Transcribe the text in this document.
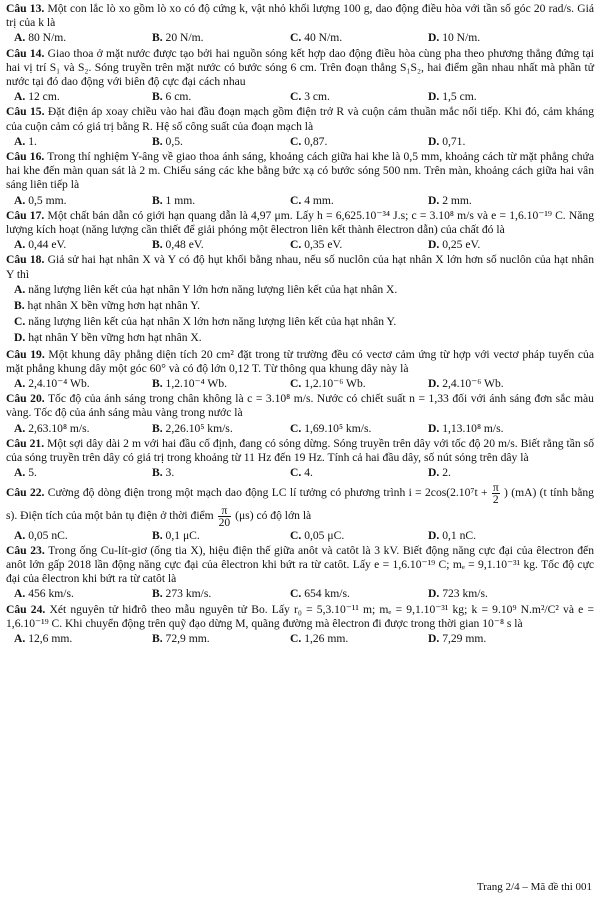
Câu 13. Một con lắc lò xo gồm lò xo có độ cứng k, vật nhỏ khối lượng 100 g, dao động điều hòa với tần số góc 20 rad/s. Giá trị của k là
A. 80 N/m.	B. 20 N/m.	C. 40 N/m.	D. 10 N/m.
Câu 14. Giao thoa ở mặt nước được tạo bởi hai nguồn sóng kết hợp dao động điều hòa cùng pha theo phương thẳng đứng tại hai vị trí S₁ và S₂. Sóng truyền trên mặt nước có bước sóng 6 cm. Trên đoạn thẳng S₁S₂, hai điểm gần nhau nhất mà phần tử nước tại đó dao động với biên độ cực đại cách nhau
A. 12 cm.	B. 6 cm.	C. 3 cm.	D. 1,5 cm.
Câu 15. Đặt điện áp xoay chiều vào hai đầu đoạn mạch gồm điện trở R và cuộn cảm thuần mắc nối tiếp. Khi đó, cảm kháng của cuộn cảm có giá trị bằng R. Hệ số công suất của đoạn mạch là
A. 1.	B. 0,5.	C. 0,87.	D. 0,71.
Câu 16. Trong thí nghiệm Y-âng về giao thoa ánh sáng, khoảng cách giữa hai khe là 0,5 mm, khoảng cách từ mặt phẳng chứa hai khe đến màn quan sát là 2 m. Chiếu sáng các khe bằng bức xạ có bước sóng 500 nm. Trên màn, khoảng cách giữa hai vân sáng liên tiếp là
A. 0,5 mm.	B. 1 mm.	C. 4 mm.	D. 2 mm.
Câu 17. Một chất bán dẫn có giới hạn quang dẫn là 4,97 μm. Lấy h = 6,625.10⁻³⁴ J.s; c = 3.10⁸ m/s và e = 1,6.10⁻¹⁹ C. Năng lượng kích hoạt (năng lượng cần thiết để giải phóng một êlectron liên kết thành êlectron dẫn) của chất đó là
A. 0,44 eV.	B. 0,48 eV.	C. 0,35 eV.	D. 0,25 eV.
Câu 18. Giả sử hai hạt nhân X và Y có độ hụt khối bằng nhau, nếu số nuclôn của hạt nhân X lớn hơn số nuclôn của hạt nhân Y thì
A. năng lượng liên kết của hạt nhân Y lớn hơn năng lượng liên kết của hạt nhân X.
B. hạt nhân X bền vững hơn hạt nhân Y.
C. năng lượng liên kết của hạt nhân X lớn hơn năng lượng liên kết của hạt nhân Y.
D. hạt nhân Y bền vững hơn hạt nhân X.
Câu 19. Một khung dây phẳng diện tích 20 cm² đặt trong từ trường đều có vectơ cảm ứng từ hợp với vectơ pháp tuyến của mặt phẳng khung dây một góc 60° và có độ lớn 0,12 T. Từ thông qua khung dây này là
A. 2,4.10⁻⁴ Wb.	B. 1,2.10⁻⁴ Wb.	C. 1,2.10⁻⁶ Wb.	D. 2,4.10⁻⁶ Wb.
Câu 20. Tốc độ của ánh sáng trong chân không là c = 3.10⁸ m/s. Nước có chiết suất n = 1,33 đối với ánh sáng đơn sắc màu vàng. Tốc độ của ánh sáng màu vàng trong nước là
A. 2,63.10⁸ m/s.	B. 2,26.10⁵ km/s.	C. 1,69.10⁵ km/s.	D. 1,13.10⁸ m/s.
Câu 21. Một sợi dây dài 2 m với hai đầu cố định, đang có sóng dừng. Sóng truyền trên dây với tốc độ 20 m/s. Biết rằng tần số của sóng truyền trên dây có giá trị trong khoảng từ 11 Hz đến 19 Hz. Tính cả hai đầu dây, số nút sóng trên dây là
A. 5.	B. 3.	C. 4.	D. 2.
Câu 22. Cường độ dòng điện trong một mạch dao động LC lí tưởng có phương trình $i = 2\cos(2.10^7t + \frac{\pi}{2}$ ) (mA) (t tính bằng s). Điện tích của một bản tụ điện ở thời điểm $\frac{\pi}{20} (\mu s)$ có độ lớn là
A. 0,05 nC.	B. 0,1 μC.	C. 0,05 μC.	D. 0,1 nC.
Câu 23. Trong ống Cu-lít-giơ (ống tia X), hiệu điện thế giữa anôt và catôt là 3 kV. Biết động năng cực đại của êlectron đến anôt lớn gấp 2018 lần động năng cực đại của êlectron khi bứt ra từ catôt. Lấy e = 1,6.10⁻¹⁹ C; mₑ = 9,1.10⁻³¹ kg. Tốc độ cực đại của êlectron khi bứt ra từ catôt là
A. 456 km/s.	B. 273 km/s.	C. 654 km/s.	D. 723 km/s.
Câu 24. Xét nguyên tử hiđrô theo mẫu nguyên tử Bo. Lấy r₀ = 5,3.10⁻¹¹ m; mₑ = 9,1.10⁻³¹ kg; k = 9.10⁹ N.m²/C² và e = 1,6.10⁻¹⁹ C. Khi chuyển động trên quỹ đạo dừng M, quãng đường mà êlectron đi được trong thời gian 10⁻⁸ s là
A. 12,6 mm.	B. 72,9 mm.	C. 1,26 mm.	D. 7,29 mm.
Trang 2/4 – Mã đề thi 001
